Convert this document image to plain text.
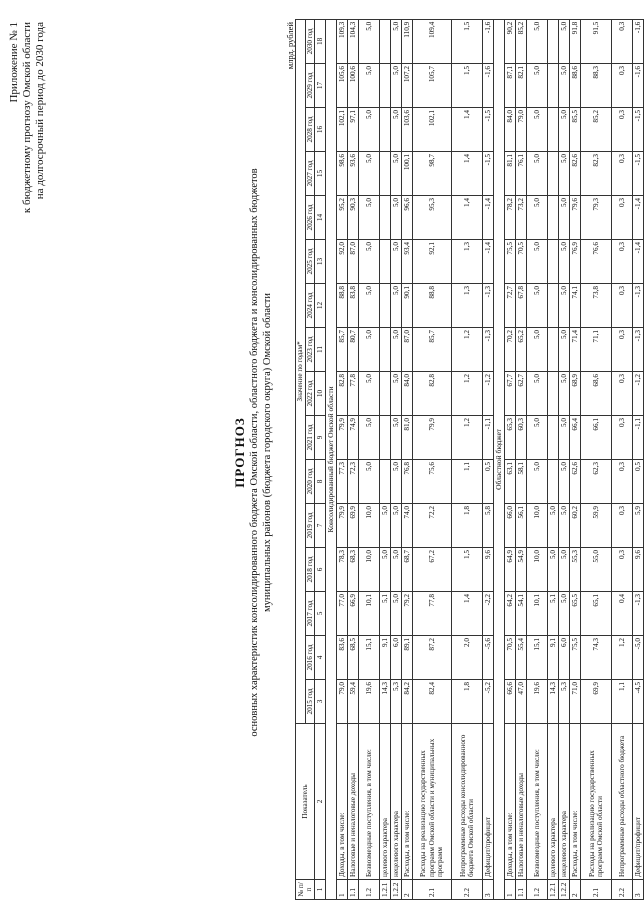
Приложение № 1 к бюджетному прогнозу Омской области на долгосрочный период до 2030 года
ПРОГНОЗ основных характеристик консолидированного бюджета Омской области, областного бюджета и консолидированных бюджетов муниципальных районов (бюджета городского округа) Омской области
млрд. рублей
№ п/п	Показатель	Значение по годам*															
		2015 год	2016 год	2017 год	2018 год	2019 год	2020 год	2021 год	2022 год	2023 год	2024 год	2025 год	2026 год	2027 год	2028 год	2029 год	2030 год
1	2	3	4	5	6	7	8	9	10	11	12	13	14	15	16	17	18
Консолидированный бюджет Омской области																	
1	Доходы, в том числе:	79,0	83,6	77,0	78,3	79,9	77,3	79,9	82,8	85,7	88,8	92,0	95,2	98,6	102,1	105,6	109,3
1.1	Налоговые и неналоговые доходы	59,4	68,5	66,9	68,3	69,9	72,3	74,9	77,8	80,7	83,8	87,0	90,3	93,6	97,1	100,6	104,3
1.2	Безвозмездные поступления, в том числе:	19,6	15,1	10,1	10,0	10,0	5,0	5,0	5,0	5,0	5,0	5,0	5,0	5,0	5,0	5,0	5,0
1.2.1	целевого характера	14,3	9,1	5,1	5,0	5,0											
1.2.2	нецелевого характера	5,3	6,0	5,0	5,0	5,0	5,0	5,0	5,0	5,0	5,0	5,0	5,0	5,0	5,0	5,0	5,0
2	Расходы, в том числе:	84,2	89,1	79,2	68,7	74,0	76,8	81,0	84,0	87,0	90,1	93,4	96,6	100,1	103,6	107,2	110,9
2.1	Расходы на реализацию государственных программ Омской области и муниципальных программ	82,4	87,2	77,8	67,2	72,2	75,6	79,9	82,8	85,7	88,8	92,1	95,3	98,7	102,1	105,7	109,4
2.2	Непрограммные расходы консолидированного бюджета Омской области	1,8	2,0	1,4	1,5	1,8	1,1	1,2	1,2	1,2	1,3	1,3	1,4	1,4	1,4	1,5	1,5
3	Дефицит/профицит	-5,2	-5,6	-2,2	9,6	5,8	0,5	-1,1	-1,2	-1,3	-1,3	-1,4	-1,4	-1,5	-1,5	-1,6	-1,6
Областной бюджет																	
1	Доходы, в том числе:	66,6	70,5	64,2	64,9	66,0	63,1	65,3	67,7	70,2	72,7	75,5	78,2	81,1	84,0	87,1	90,2
1.1	Налоговые и неналоговые доходы	47,0	55,4	54,1	54,9	56,1	58,1	60,3	62,7	65,2	67,8	70,5	73,2	76,1	79,0	82,1	85,2
1.2	Безвозмездные поступления, в том числе:	19,6	15,1	10,1	10,0	10,0	5,0	5,0	5,0	5,0	5,0	5,0	5,0	5,0	5,0	5,0	5,0
1.2.1	целевого характера	14,3	9,1	5,1	5,0	5,0											
1.2.2	нецелевого характера	5,3	6,0	5,0	5,0	5,0	5,0	5,0	5,0	5,0	5,0	5,0	5,0	5,0	5,0	5,0	5,0
2	Расходы, в том числе:	71,0	75,5	65,5	55,3	60,2	62,6	66,4	68,9	71,4	74,1	76,9	79,6	82,6	85,5	88,6	91,8
2.1	Расходы на реализацию государственных программ Омской области	69,9	74,3	65,1	55,0	59,9	62,3	66,1	68,6	71,1	73,8	76,6	79,3	82,3	85,2	88,3	91,5
2.2	Непрограммные расходы областного бюджета	1,1	1,2	0,4	0,3	0,3	0,3	0,3	0,3	0,3	0,3	0,3	0,3	0,3	0,3	0,3	0,3
3	Дефицит/профицит	-4,5	-5,0	-1,3	9,6	5,9	0,5	-1,1	-1,2	-1,3	-1,3	-1,4	-1,4	-1,5	-1,5	-1,6	-1,6
